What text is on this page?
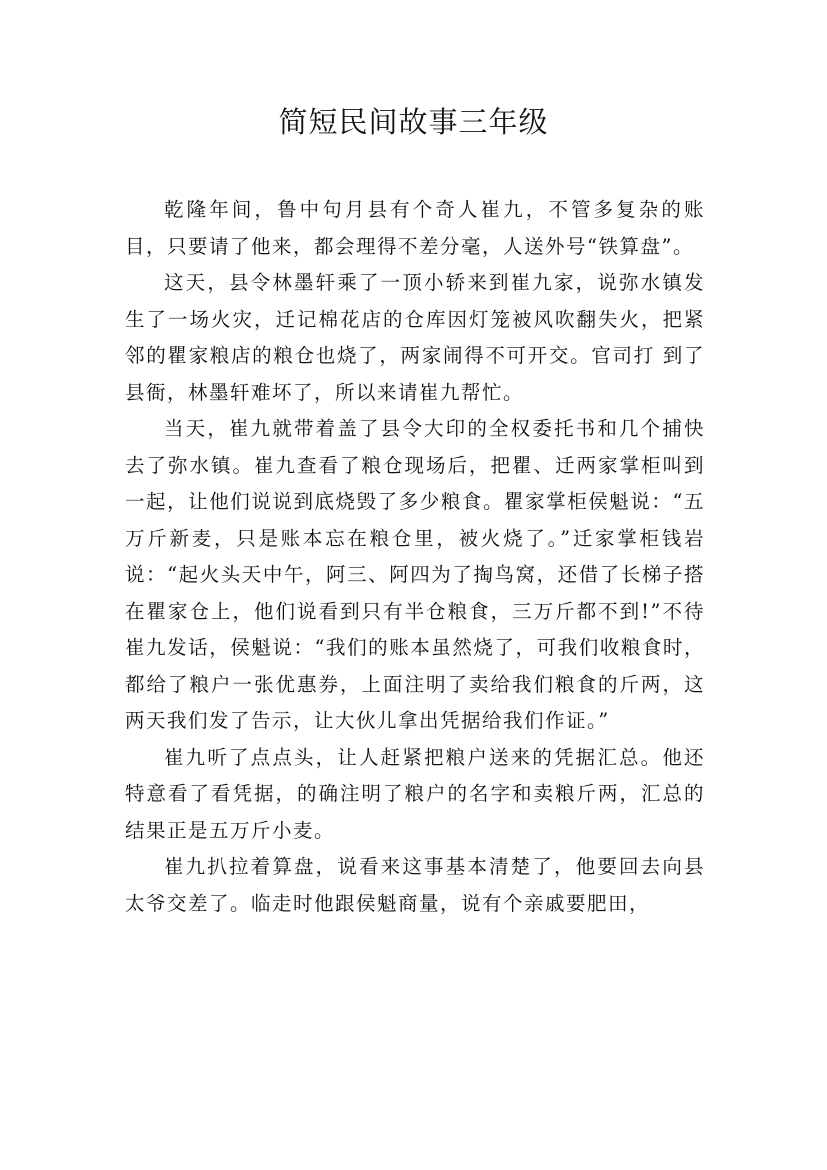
简短民间故事三年级

乾隆年间，鲁中句月县有个奇人崔九，不管多复杂的账目，只要请了他来，都会理得不差分毫，人送外号“铁算盘”。

这天，县令林墨轩乘了一顶小轿来到崔九家，说弥水镇发生了一场火灾，迁记棉花店的仓库因灯笼被风吹翻失火，把紧邻的瞿家粮店的粮仓也烧了，两家闹得不可开交。官司打 到了县衙，林墨轩难坏了，所以来请崔九帮忙。

当天，崔九就带着盖了县令大印的全权委托书和几个捕快去了弥水镇。崔九查看了粮仓现场后，把瞿、迁两家掌柜叫到一起，让他们说说到底烧毁了多少粮食。瞿家掌柜侯魁说：“五万斤新麦，只是账本忘在粮仓里，被火烧了。”迁家掌柜钱岩说：“起火头天中午，阿三、阿四为了掏鸟窝，还借了长梯子搭在瞿家仓上，他们说看到只有半仓粮食，三万斤都不到!”不待崔九发话，侯魁说：“我们的账本虽然烧了，可我们收粮食时，都给了粮户一张优惠券，上面注明了卖给我们粮食的斤两，这两天我们发了告示，让大伙儿拿出凭据给我们作证。”

崔九听了点点头，让人赶紧把粮户送来的凭据汇总。他还特意看了看凭据，的确注明了粮户的名字和卖粮斤两，汇总的结果正是五万斤小麦。

崔九扒拉着算盘，说看来这事基本清楚了，他要回去向县太爷交差了。临走时他跟侯魁商量，说有个亲戚要肥田，
